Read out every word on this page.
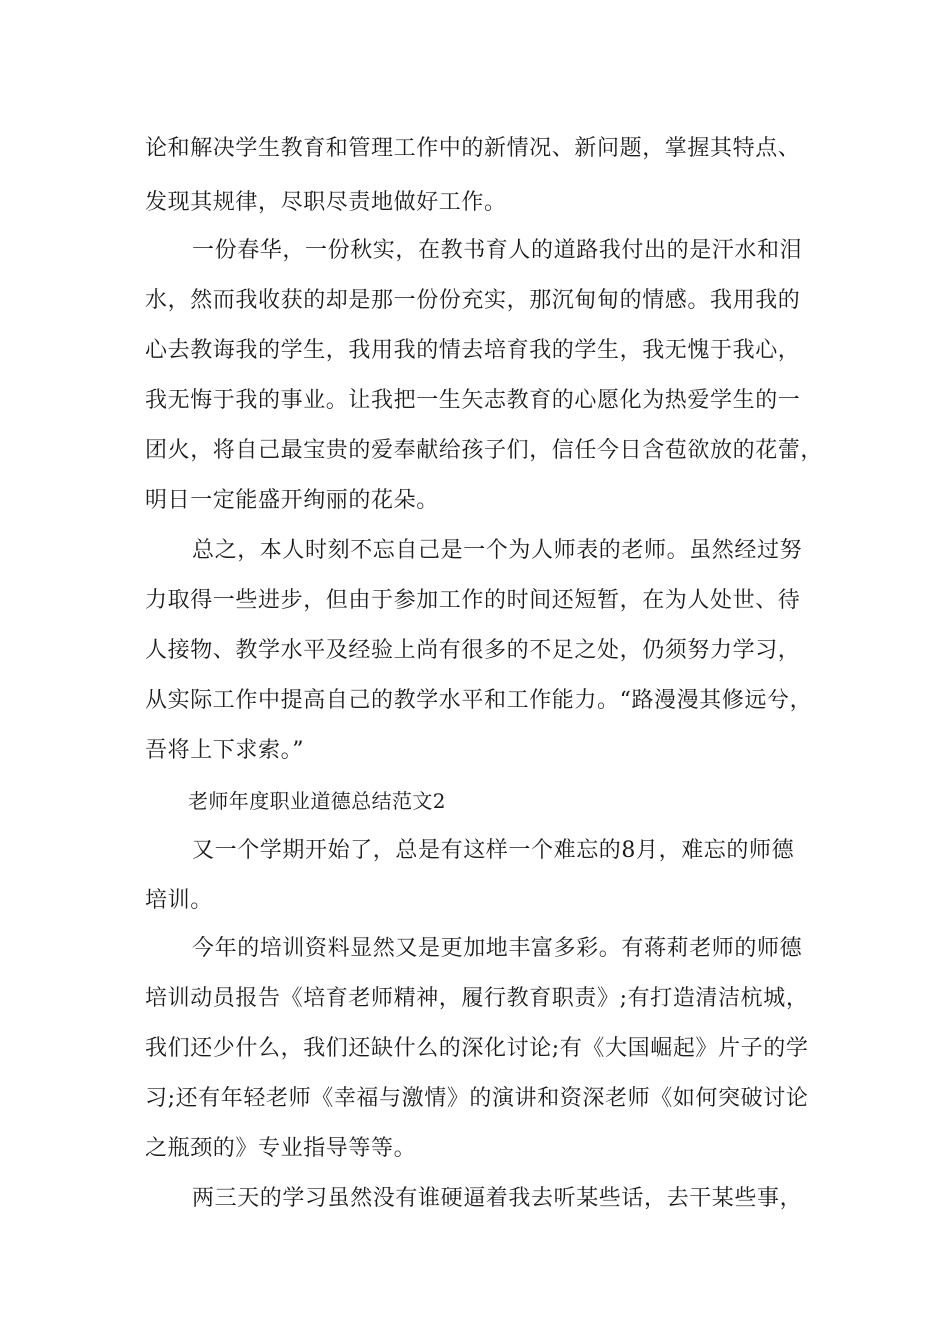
论和解决学生教育和管理工作中的新情况、新问题，掌握其特点、

发现其规律，尽职尽责地做好工作。

一份春华，一份秋实，在教书育人的道路我付出的是汗水和泪

水，然而我收获的却是那一份份充实，那沉甸甸的情感。我用我的

心去教诲我的学生，我用我的情去培育我的学生，我无愧于我心，

我无悔于我的事业。让我把一生矢志教育的心愿化为热爱学生的一

团火，将自己最宝贵的爱奉献给孩子们，信任今日含苞欲放的花蕾，

明日一定能盛开绚丽的花朵。

总之，本人时刻不忘自己是一个为人师表的老师。虽然经过努

力取得一些进步，但由于参加工作的时间还短暂，在为人处世、待

人接物、教学水平及经验上尚有很多的不足之处，仍须努力学习，

从实际工作中提高自己的教学水平和工作能力。“路漫漫其修远兮，

吾将上下求索。”

老师年度职业道德总结范文2

又一个学期开始了，总是有这样一个难忘的8月，难忘的师德

培训。

今年的培训资料显然又是更加地丰富多彩。有蒋莉老师的师德

培训动员报告《培育老师精神，履行教育职责》;有打造清洁杭城，

我们还少什么，我们还缺什么的深化讨论;有《大国崛起》片子的学

习;还有年轻老师《幸福与激情》的演讲和资深老师《如何突破讨论

之瓶颈的》专业指导等等。

两三天的学习虽然没有谁硬逼着我去听某些话，去干某些事，
